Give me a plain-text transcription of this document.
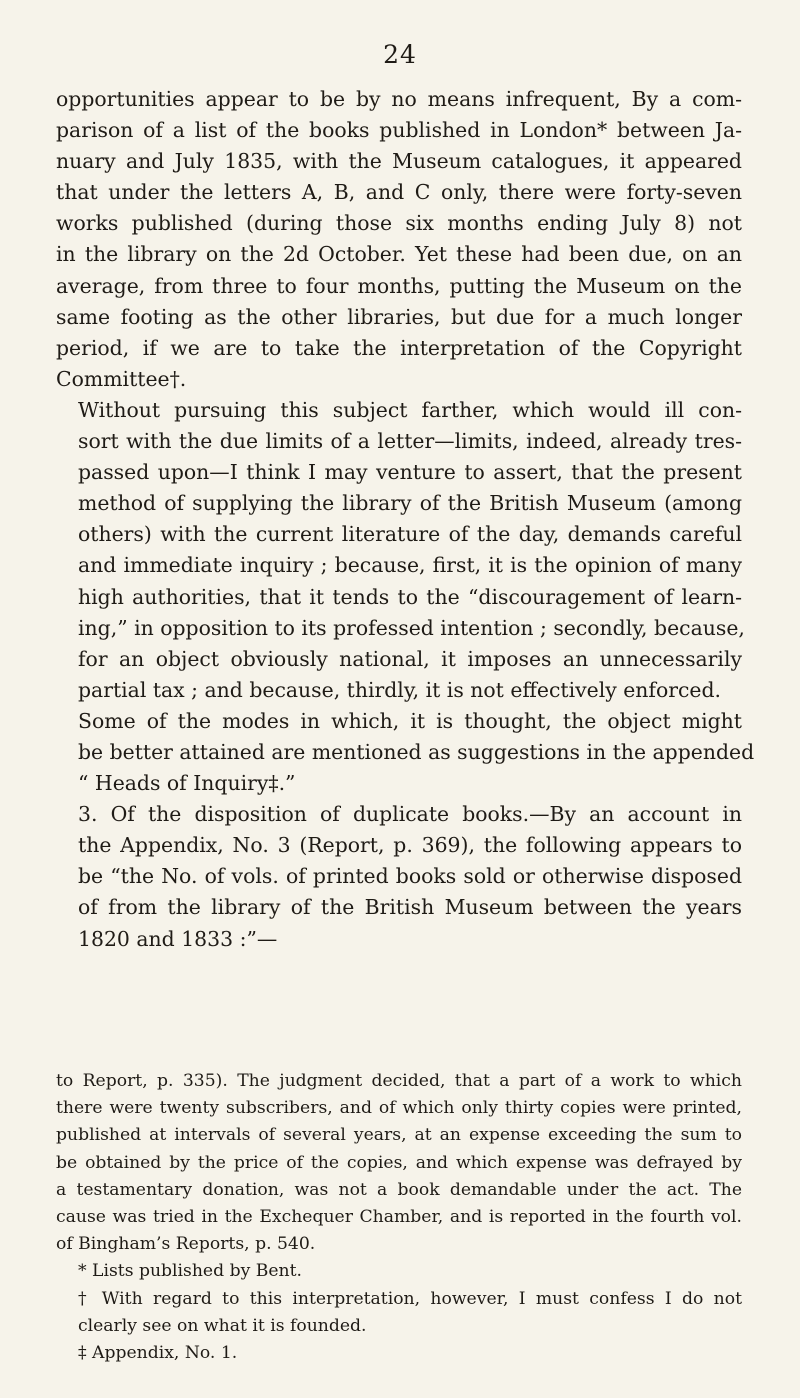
24

opportunities appear to be by no means infrequent, By a com-
parison of a list of the books published in London* between Ja-
nuary and July 1835, with the Museum catalogues, it appeared
that under the letters A, B, and C only, there were forty-seven
works published (during those six months ending July 8) not
in the library on the 2d October. Yet these had been due, on an
average, from three to four months, putting the Museum on the
same footing as the other libraries, but due for a much longer
period, if we are to take the interpretation of the Copyright
Committee†.

Without pursuing this subject farther, which would ill con-
sort with the due limits of a letter—limits, indeed, already tres-
passed upon—I think I may venture to assert, that the present
method of supplying the library of the British Museum (among
others) with the current literature of the day, demands careful
and immediate inquiry ; because, first, it is the opinion of many
high authorities, that it tends to the “discouragement of learn-
ing,” in opposition to its professed intention ; secondly, because,
for an object obviously national, it imposes an unnecessarily
partial tax ; and because, thirdly, it is not effectively enforced.

Some of the modes in which, it is thought, the object might
be better attained are mentioned as suggestions in the appended
“ Heads of Inquiry‡.”

3. Of the disposition of duplicate books.—By an account in
the Appendix, No. 3 (Report, p. 369), the following appears to
be “the No. of vols. of printed books sold or otherwise disposed
of from the library of the British Museum between the years
1820 and 1833 :”—

to Report, p. 335). The judgment decided, that a part of a work to which
there were twenty subscribers, and of which only thirty copies were printed,
published at intervals of several years, at an expense exceeding the sum to
be obtained by the price of the copies, and which expense was defrayed by
a testamentary donation, was not a book demandable under the act. The
cause was tried in the Exchequer Chamber, and is reported in the fourth vol.
of Bingham’s Reports, p. 540.

* Lists published by Bent.

† With regard to this interpretation, however, I must confess I do not
clearly see on what it is founded.

‡ Appendix, No. 1.
